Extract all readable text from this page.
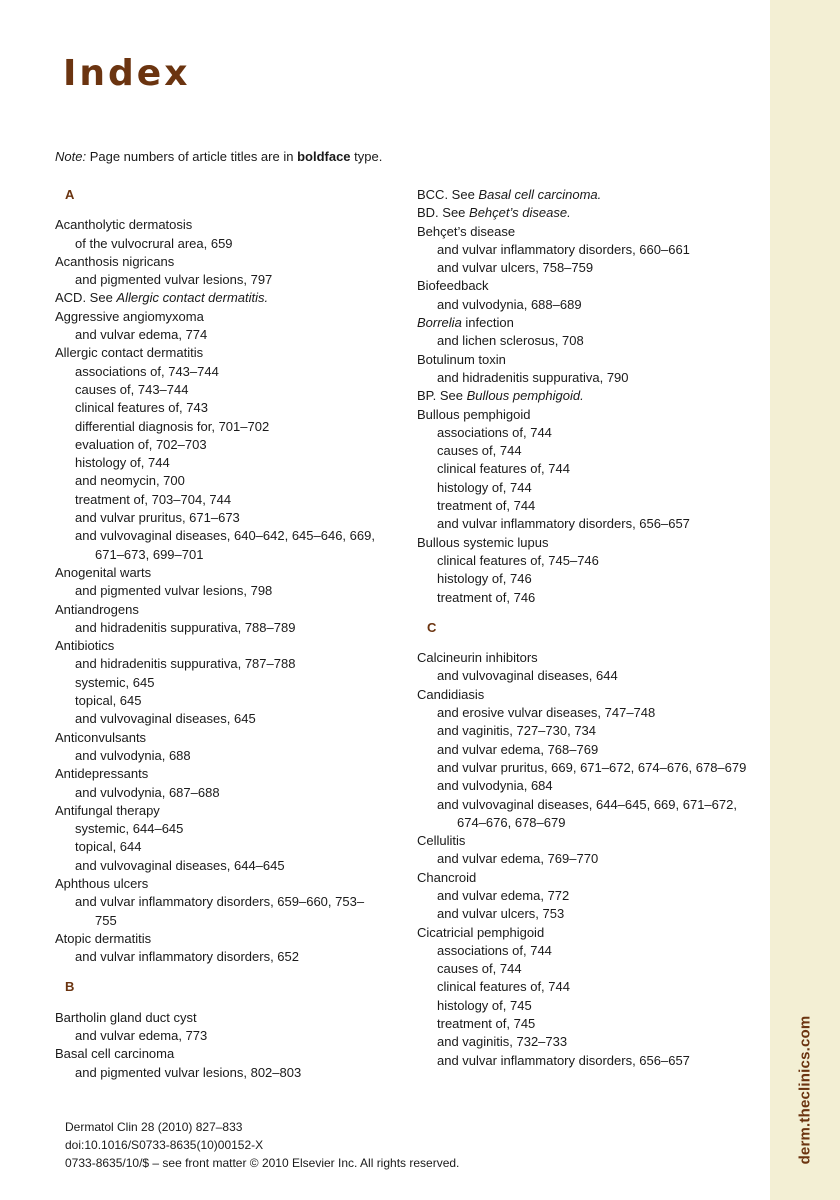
derm.theclinics.com
Index
Note: Page numbers of article titles are in boldface type.
A
Acantholytic dermatosis
of the vulvocrural area, 659
Acanthosis nigricans
and pigmented vulvar lesions, 797
ACD. See Allergic contact dermatitis.
Aggressive angiomyxoma
and vulvar edema, 774
Allergic contact dermatitis
associations of, 743–744
causes of, 743–744
clinical features of, 743
differential diagnosis for, 701–702
evaluation of, 702–703
histology of, 744
and neomycin, 700
treatment of, 703–704, 744
and vulvar pruritus, 671–673
and vulvovaginal diseases, 640–642, 645–646, 669, 671–673, 699–701
Anogenital warts
and pigmented vulvar lesions, 798
Antiandrogens
and hidradenitis suppurativa, 788–789
Antibiotics
and hidradenitis suppurativa, 787–788
systemic, 645
topical, 645
and vulvovaginal diseases, 645
Anticonvulsants
and vulvodynia, 688
Antidepressants
and vulvodynia, 687–688
Antifungal therapy
systemic, 644–645
topical, 644
and vulvovaginal diseases, 644–645
Aphthous ulcers
and vulvar inflammatory disorders, 659–660, 753–755
Atopic dermatitis
and vulvar inflammatory disorders, 652
B
Bartholin gland duct cyst
and vulvar edema, 773
Basal cell carcinoma
and pigmented vulvar lesions, 802–803
BCC. See Basal cell carcinoma.
BD. See Behçet’s disease.
Behçet’s disease
and vulvar inflammatory disorders, 660–661
and vulvar ulcers, 758–759
Biofeedback
and vulvodynia, 688–689
Borrelia infection
and lichen sclerosus, 708
Botulinum toxin
and hidradenitis suppurativa, 790
BP. See Bullous pemphigoid.
Bullous pemphigoid
associations of, 744
causes of, 744
clinical features of, 744
histology of, 744
treatment of, 744
and vulvar inflammatory disorders, 656–657
Bullous systemic lupus
clinical features of, 745–746
histology of, 746
treatment of, 746
C
Calcineurin inhibitors
and vulvovaginal diseases, 644
Candidiasis
and erosive vulvar diseases, 747–748
and vaginitis, 727–730, 734
and vulvar edema, 768–769
and vulvar pruritus, 669, 671–672, 674–676, 678–679
and vulvodynia, 684
and vulvovaginal diseases, 644–645, 669, 671–672, 674–676, 678–679
Cellulitis
and vulvar edema, 769–770
Chancroid
and vulvar edema, 772
and vulvar ulcers, 753
Cicatricial pemphigoid
associations of, 744
causes of, 744
clinical features of, 744
histology of, 745
treatment of, 745
and vaginitis, 732–733
and vulvar inflammatory disorders, 656–657
Dermatol Clin 28 (2010) 827–833
doi:10.1016/S0733-8635(10)00152-X
0733-8635/10/$ – see front matter © 2010 Elsevier Inc. All rights reserved.
